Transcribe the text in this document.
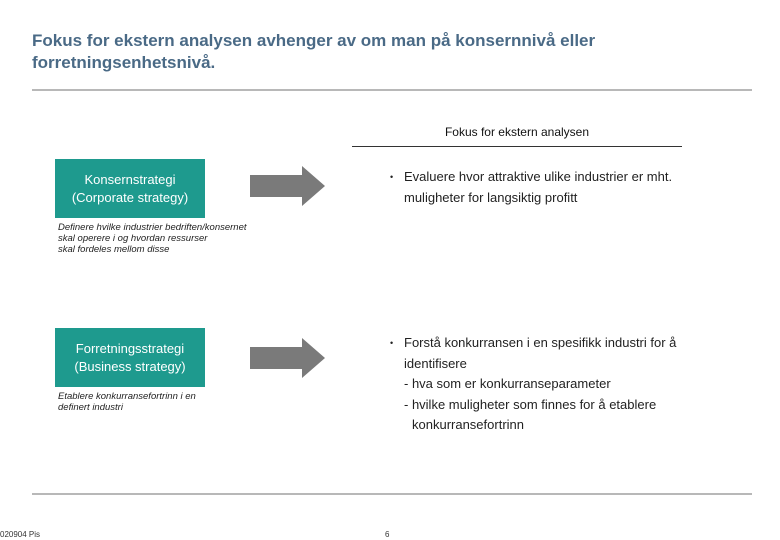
Fokus for ekstern analysen avhenger av om man på konsernnivå eller forretningsenhetsnivå.
Fokus for ekstern analysen
Konsernstrategi
(Corporate strategy)
Definere hvilke industrier bedriften/konsernet
skal operere i og hvordan ressurser
skal fordeles mellom disse
• Evaluere hvor attraktive ulike industrier er mht.
muligheter for langsiktig profitt
Forretningsstrategi
(Business strategy)
Etablere konkurransefortrinn i en
definert industri
• Forstå konkurransen i en spesifikk industri for å
identifisere
- hva som er konkurranseparameter
- hvilke muligheter som finnes for å etablere
konkurransefortrinn
020904 Pis	6
